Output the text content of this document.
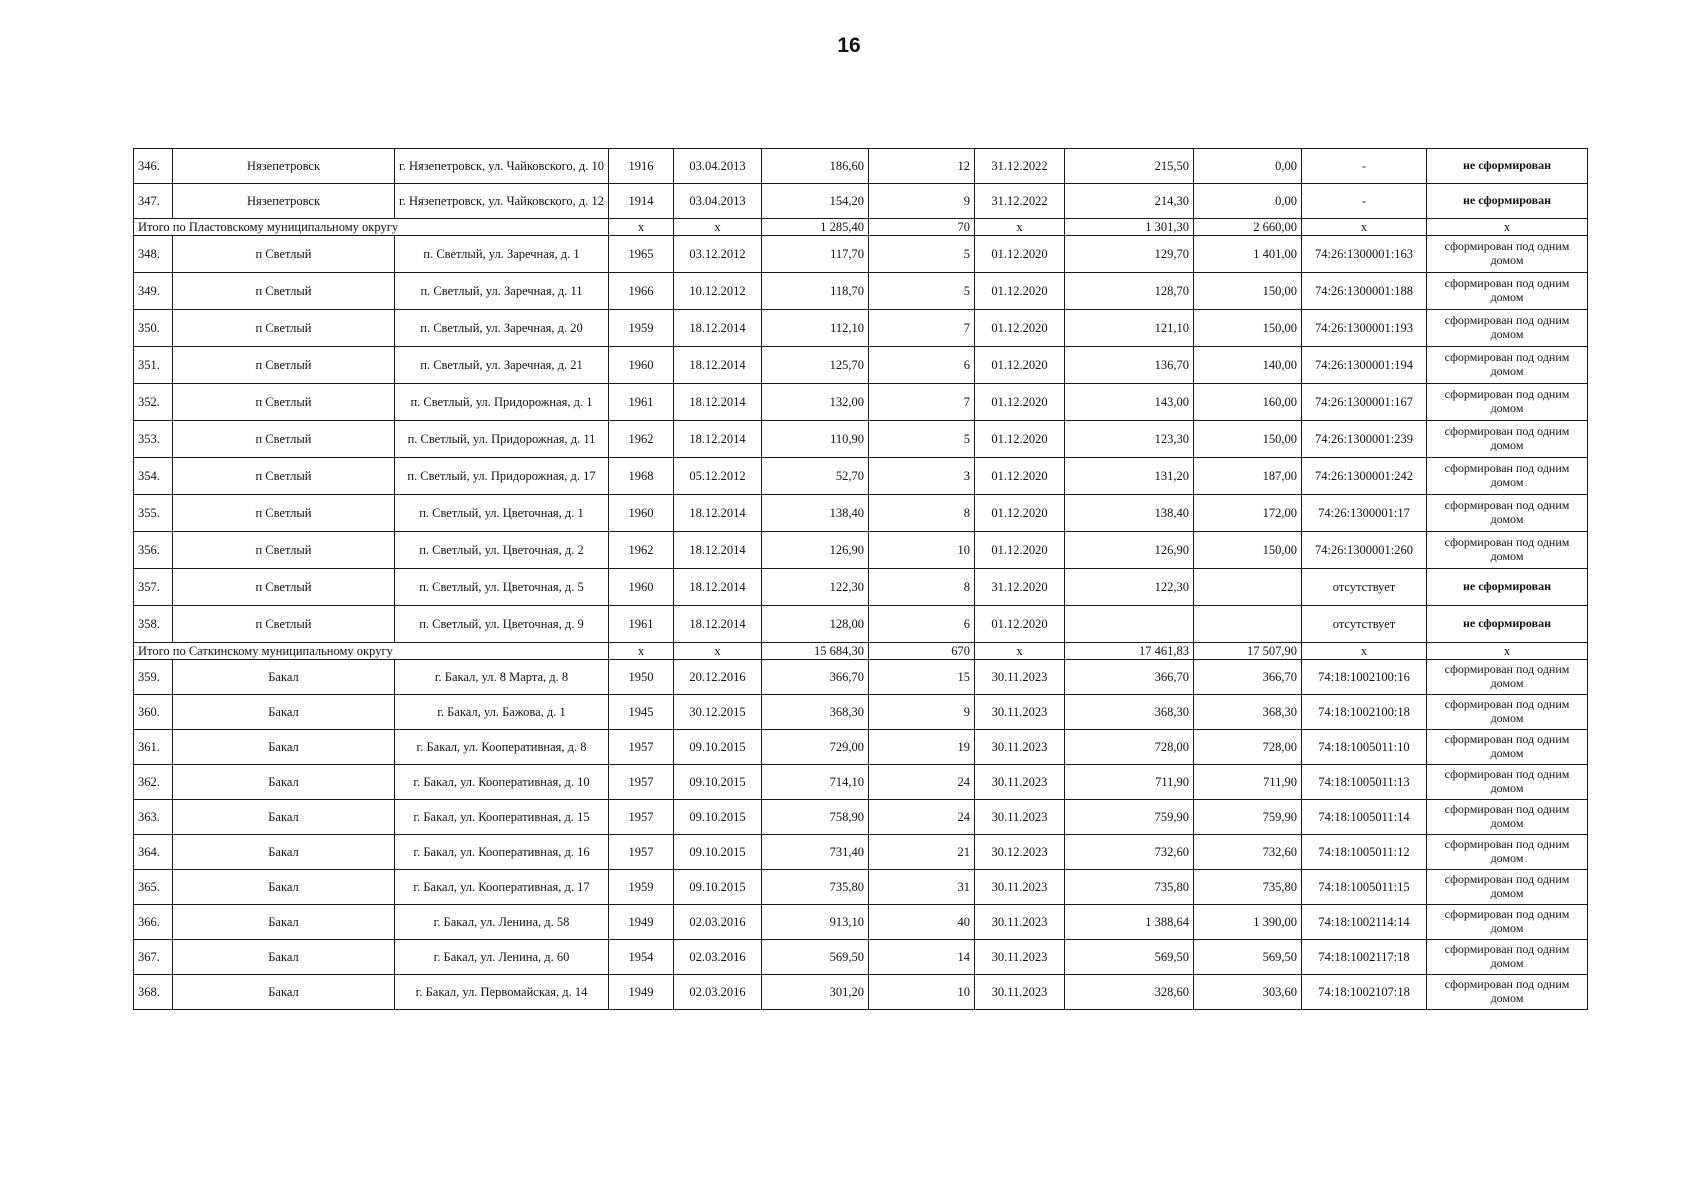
16
346.	Нязепетровск	г. Нязепетровск, ул. Чайковского, д. 10	1916	03.04.2013	186,60	12	31.12.2022	215,50	0,00	-	не сформирован
347.	Нязепетровск	г. Нязепетровск, ул. Чайковского, д. 12	1914	03.04.2013	154,20	9	31.12.2022	214,30	0,00	-	не сформирован
Итого по Пластовскому муниципальному округу			х	х	1 285,40	70	х	1 301,30	2 660,00	х	х
348.	п Светлый	п. Светлый, ул. Заречная, д. 1	1965	03.12.2012	117,70	5	01.12.2020	129,70	1 401,00	74:26:1300001:163	сформирован под одним домом
349.	п Светлый	п. Светлый, ул. Заречная, д. 11	1966	10.12.2012	118,70	5	01.12.2020	128,70	150,00	74:26:1300001:188	сформирован под одним домом
350.	п Светлый	п. Светлый, ул. Заречная, д. 20	1959	18.12.2014	112,10	7	01.12.2020	121,10	150,00	74:26:1300001:193	сформирован под одним домом
351.	п Светлый	п. Светлый, ул. Заречная, д. 21	1960	18.12.2014	125,70	6	01.12.2020	136,70	140,00	74:26:1300001:194	сформирован под одним домом
352.	п Светлый	п. Светлый, ул. Придорожная, д. 1	1961	18.12.2014	132,00	7	01.12.2020	143,00	160,00	74:26:1300001:167	сформирован под одним домом
353.	п Светлый	п. Светлый, ул. Придорожная, д. 11	1962	18.12.2014	110,90	5	01.12.2020	123,30	150,00	74:26:1300001:239	сформирован под одним домом
354.	п Светлый	п. Светлый, ул. Придорожная, д. 17	1968	05.12.2012	52,70	3	01.12.2020	131,20	187,00	74:26:1300001:242	сформирован под одним домом
355.	п Светлый	п. Светлый, ул. Цветочная, д. 1	1960	18.12.2014	138,40	8	01.12.2020	138,40	172,00	74:26:1300001:17	сформирован под одним домом
356.	п Светлый	п. Светлый, ул. Цветочная, д. 2	1962	18.12.2014	126,90	10	01.12.2020	126,90	150,00	74:26:1300001:260	сформирован под одним домом
357.	п Светлый	п. Светлый, ул. Цветочная, д. 5	1960	18.12.2014	122,30	8	31.12.2020	122,30		отсутствует	не сформирован
358.	п Светлый	п. Светлый, ул. Цветочная, д. 9	1961	18.12.2014	128,00	6	01.12.2020			отсутствует	не сформирован
Итого по Саткинскому муниципальному округу			х	х	15 684,30	670	х	17 461,83	17 507,90	х	х
359.	Бакал	г. Бакал, ул. 8 Марта, д. 8	1950	20.12.2016	366,70	15	30.11.2023	366,70	366,70	74:18:1002100:16	сформирован под одним домом
360.	Бакал	г. Бакал, ул. Бажова, д. 1	1945	30.12.2015	368,30	9	30.11.2023	368,30	368,30	74:18:1002100:18	сформирован под одним домом
361.	Бакал	г. Бакал, ул. Кооперативная, д. 8	1957	09.10.2015	729,00	19	30.11.2023	728,00	728,00	74:18:1005011:10	сформирован под одним домом
362.	Бакал	г. Бакал, ул. Кооперативная, д. 10	1957	09.10.2015	714,10	24	30.11.2023	711,90	711,90	74:18:1005011:13	сформирован под одним домом
363.	Бакал	г. Бакал, ул. Кооперативная, д. 15	1957	09.10.2015	758,90	24	30.11.2023	759,90	759,90	74:18:1005011:14	сформирован под одним домом
364.	Бакал	г. Бакал, ул. Кооперативная, д. 16	1957	09.10.2015	731,40	21	30.12.2023	732,60	732,60	74:18:1005011:12	сформирован под одним домом
365.	Бакал	г. Бакал, ул. Кооперативная, д. 17	1959	09.10.2015	735,80	31	30.11.2023	735,80	735,80	74:18:1005011:15	сформирован под одним домом
366.	Бакал	г. Бакал, ул. Ленина, д. 58	1949	02.03.2016	913,10	40	30.11.2023	1 388,64	1 390,00	74:18:1002114:14	сформирован под одним домом
367.	Бакал	г. Бакал, ул. Ленина, д. 60	1954	02.03.2016	569,50	14	30.11.2023	569,50	569,50	74:18:1002117:18	сформирован под одним домом
368.	Бакал	г. Бакал, ул. Первомайская, д. 14	1949	02.03.2016	301,20	10	30.11.2023	328,60	303,60	74:18:1002107:18	сформирован под одним домом
